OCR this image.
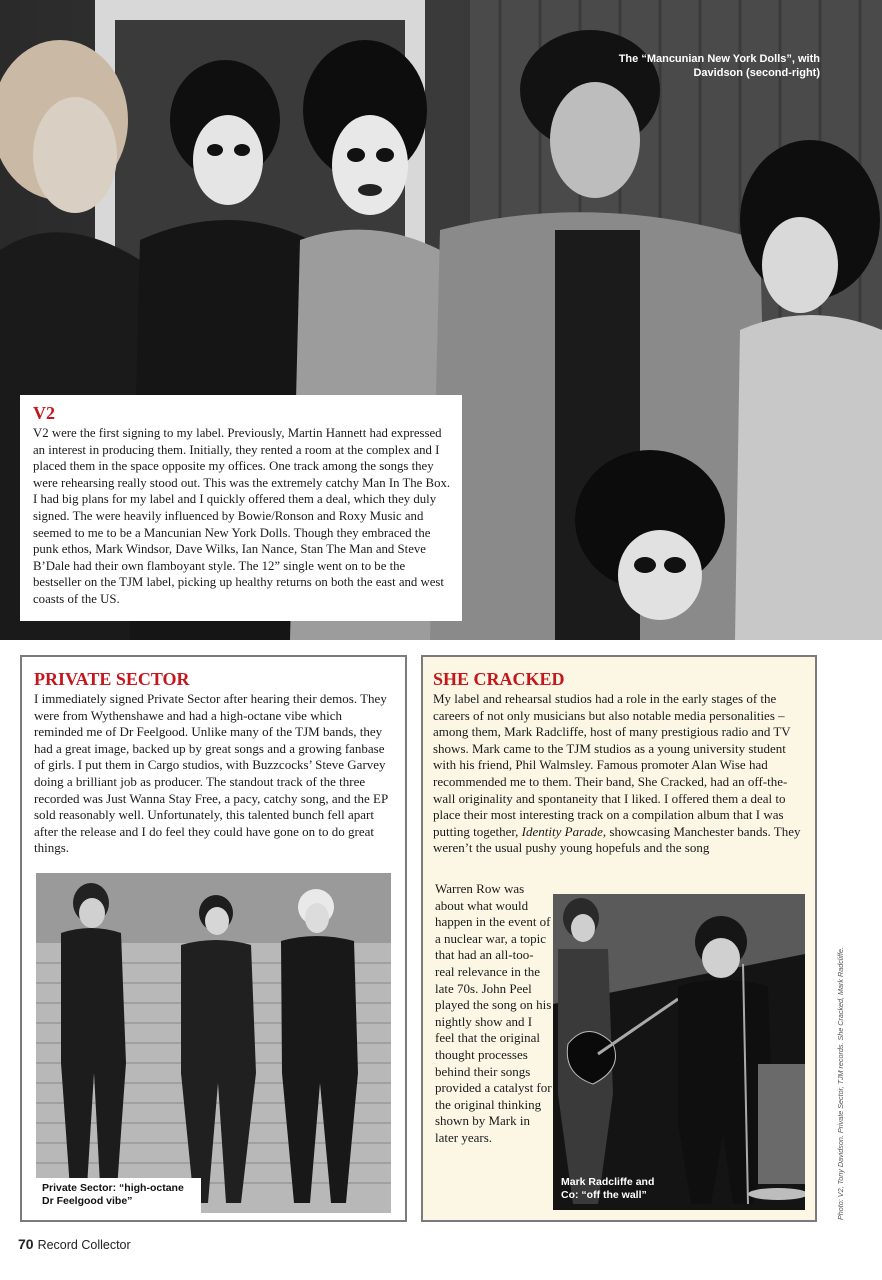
The “Mancunian New York Dolls”, with Davidson (second-right)
V2

V2 were the first signing to my label. Previously, Martin Hannett had expressed an interest in producing them. Initially, they rented a room at the complex and I placed them in the space opposite my offices. One track among the songs they were rehearsing really stood out. This was the extremely catchy Man In The Box. I had big plans for my label and I quickly offered them a deal, which they duly signed. The were heavily influenced by Bowie/Ronson and Roxy Music and seemed to me to be a Mancunian New York Dolls. Though they embraced the punk ethos, Mark Windsor, Dave Wilks, Ian Nance, Stan The Man and Steve B’Dale had their own flamboyant style. The 12” single went on to be the bestseller on the TJM label, picking up healthy returns on both the east and west coasts of the US.

PRIVATE SECTOR

I immediately signed Private Sector after hearing their demos. They were from Wythenshawe and had a high-octane vibe which reminded me of Dr Feelgood. Unlike many of the TJM bands, they had a great image, backed up by great songs and a growing fanbase of girls. I put them in Cargo studios, with Buzzcocks’ Steve Garvey doing a brilliant job as producer. The standout track of the three recorded was Just Wanna Stay Free, a pacy, catchy song, and the EP sold reasonably well. Unfortunately, this talented bunch fell apart after the release and I do feel they could have gone on to do great things.

Private Sector: “high-octane Dr Feelgood vibe”
SHE CRACKED

My label and rehearsal studios had a role in the early stages of the careers of not only musicians but also notable media personalities – among them, Mark Radcliffe, host of many prestigious radio and TV shows. Mark came to the TJM studios as a young university student with his friend, Phil Walmsley. Famous promoter Alan Wise had recommended me to them. Their band, She Cracked, had an off-the-wall originality and spontaneity that I liked. I offered them a deal to place their most interesting track on a compilation album that I was putting together, Identity Parade, showcasing Manchester bands. They weren’t the usual pushy young hopefuls and the song

Warren Row was about what would happen in the event of a nuclear war, a topic that had an all-too-real relevance in the late 70s. John Peel played the song on his nightly show and I feel that the original thought processes behind their songs provided a catalyst for the original thinking shown by Mark in later years.

Mark Radcliffe and Co: “off the wall”	Photo: V2, Tony Davidson. Private Sector, TJM records. She Cracked, Mark Radcliffe.
70 Record Collector
